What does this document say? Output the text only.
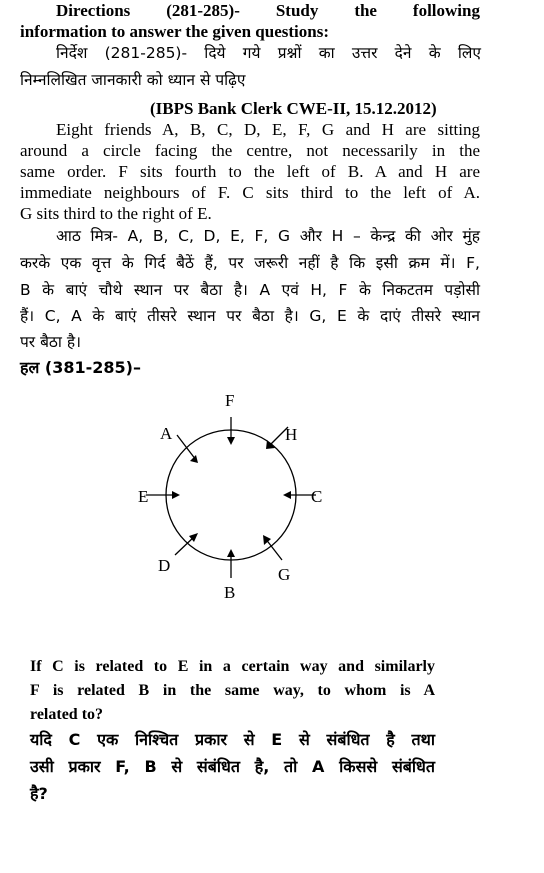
Directions (281-285)- Study the following
information to answer the given questions:
निर्देश (281-285)- दिये गये प्रश्नों का उत्तर देने के लिए
निम्नलिखित जानकारी को ध्यान से पढ़िए
(IBPS Bank Clerk CWE-II, 15.12.2012)
Eight friends A, B, C, D, E, F, G and H are sitting
around a circle facing the centre, not necessarily in the
same order. F sits fourth to the left of B. A and H are
immediate neighbours of F. C sits third to the left of A.
G sits third to the right of E.
आठ मित्र- A, B, C, D, E, F, G और H – केन्द्र की ओर मुंह
करके एक वृत्त के गिर्द बैठें हैं, पर जरूरी नहीं है कि इसी क्रम में। F,
B के बाएं चौथे स्थान पर बैठा है। A एवं H, F के निकटतम पड़ोसी
हैं। C, A के बाएं तीसरे स्थान पर बैठा है। G, E के दाएं तीसरे स्थान
पर बैठा है।
हल (381-285)–
F
H
C
G
B
D
E
A
If C is related to E in a certain way and similarly
F is related B in the same way, to whom is A
related to?
यदि C एक निश्चित प्रकार से E से संबंधित है तथा
उसी प्रकार F, B से संबंधित है, तो A किससे संबंधित
है?
